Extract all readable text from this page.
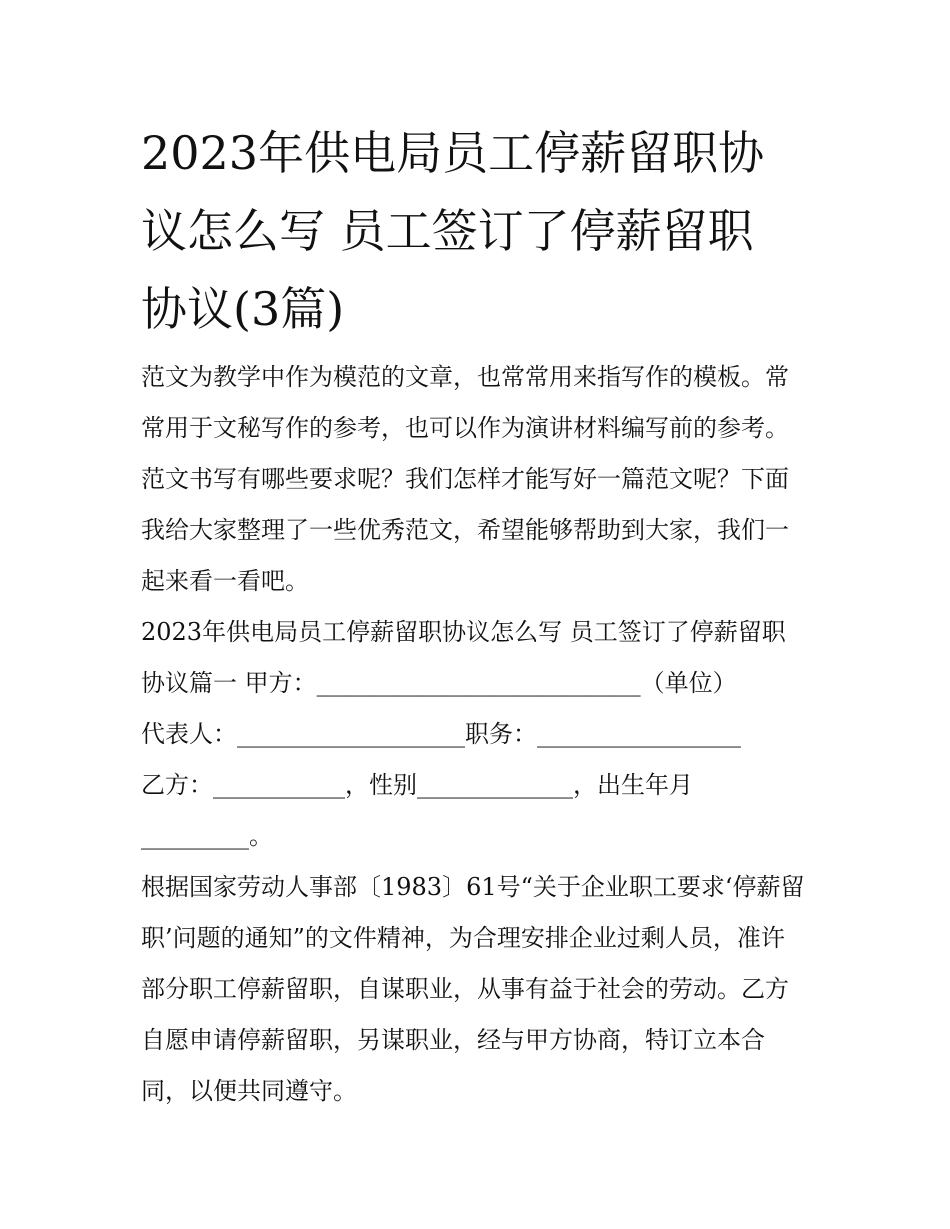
2023年供电局员工停薪留职协
议怎么写 员工签订了停薪留职
协议(3篇)
范文为教学中作为模范的文章，也常常用来指写作的模板。常
常用于文秘写作的参考，也可以作为演讲材料编写前的参考。
范文书写有哪些要求呢？我们怎样才能写好一篇范文呢？下面
我给大家整理了一些优秀范文，希望能够帮助到大家，我们一
起来看一看吧。
2023年供电局员工停薪留职协议怎么写 员工签订了停薪留职
协议篇一 甲方：___________________________（单位）
代表人：___________________职务：_________________
乙方：___________，性别_____________，出生年月
_________。
根据国家劳动人事部〔1983〕61号“关于企业职工要求‘停薪留
职’问题的通知”的文件精神，为合理安排企业过剩人员，准许
部分职工停薪留职，自谋职业，从事有益于社会的劳动。乙方
自愿申请停薪留职，另谋职业，经与甲方协商，特订立本合
同，以便共同遵守。
